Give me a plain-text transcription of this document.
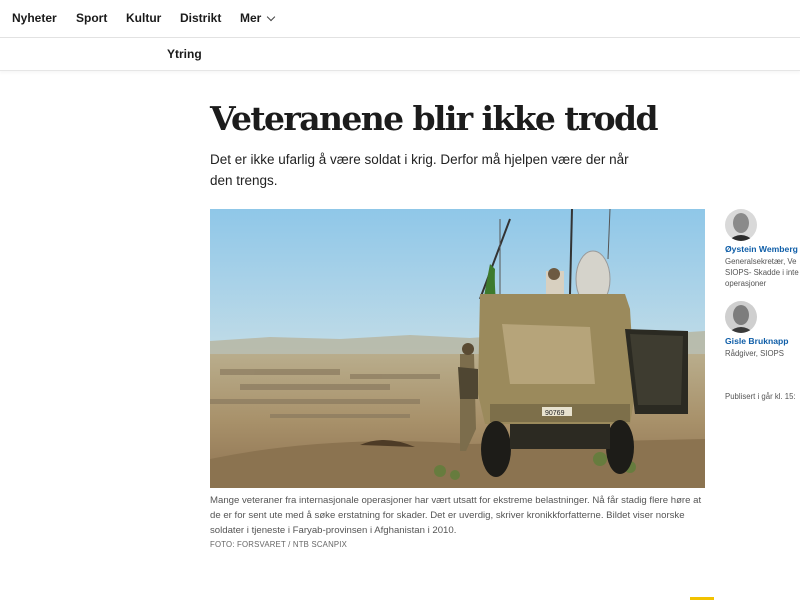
Nyheter Sport Kultur Distrikt Mer
Ytring
Veteranene blir ikke trodd

Det er ikke ufarlig å være soldat i krig. Derfor må hjelpen være der når den trengs.

90769

Mange veteraner fra internasjonale operasjoner har vært utsatt for ekstreme belastninger. Nå får stadig flere høre at de er for sent ute med å søke erstatning for skader. Det er uverdig, skriver kronikkforfatterne. Bildet viser norske soldater i tjeneste i Faryab-provinsen i Afghanistan i 2010.

FOTO: FORSVARET / NTB SCANPIX
Øystein Wemberg
Generalsekretær, Ve SIOPS- Skadde i inte operasjoner
Gisle Bruknapp
Rådgiver, SIOPS
Publisert i går kl. 15:
